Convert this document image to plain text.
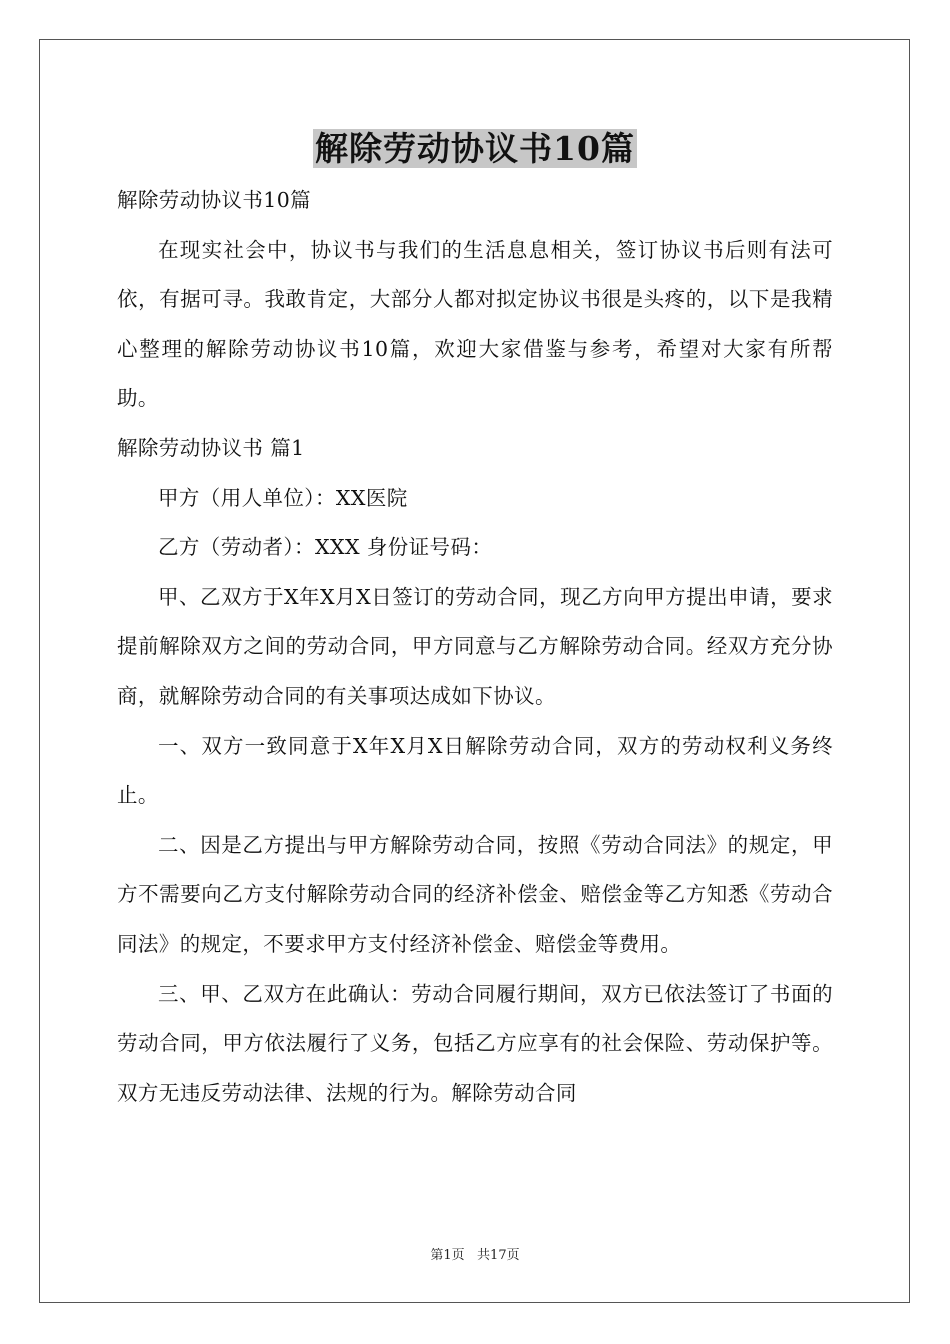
解除劳动协议书10篇

解除劳动协议书10篇

在现实社会中，协议书与我们的生活息息相关，签订协议书后则有法可依，有据可寻。我敢肯定，大部分人都对拟定协议书很是头疼的，以下是我精心整理的解除劳动协议书10篇，欢迎大家借鉴与参考，希望对大家有所帮助。

解除劳动协议书 篇1

甲方（用人单位）：XX医院

乙方（劳动者）：XXX 身份证号码：

甲、乙双方于X年X月X日签订的劳动合同，现乙方向甲方提出申请，要求提前解除双方之间的劳动合同，甲方同意与乙方解除劳动合同。经双方充分协商，就解除劳动合同的有关事项达成如下协议。

一、双方一致同意于X年X月X日解除劳动合同，双方的劳动权利义务终止。

二、因是乙方提出与甲方解除劳动合同，按照《劳动合同法》的规定，甲方不需要向乙方支付解除劳动合同的经济补偿金、赔偿金等乙方知悉《劳动合同法》的规定，不要求甲方支付经济补偿金、赔偿金等费用。

三、甲、乙双方在此确认：劳动合同履行期间，双方已依法签订了书面的劳动合同，甲方依法履行了义务，包括乙方应享有的社会保险、劳动保护等。双方无违反劳动法律、法规的行为。解除劳动合同

第1页   共17页
